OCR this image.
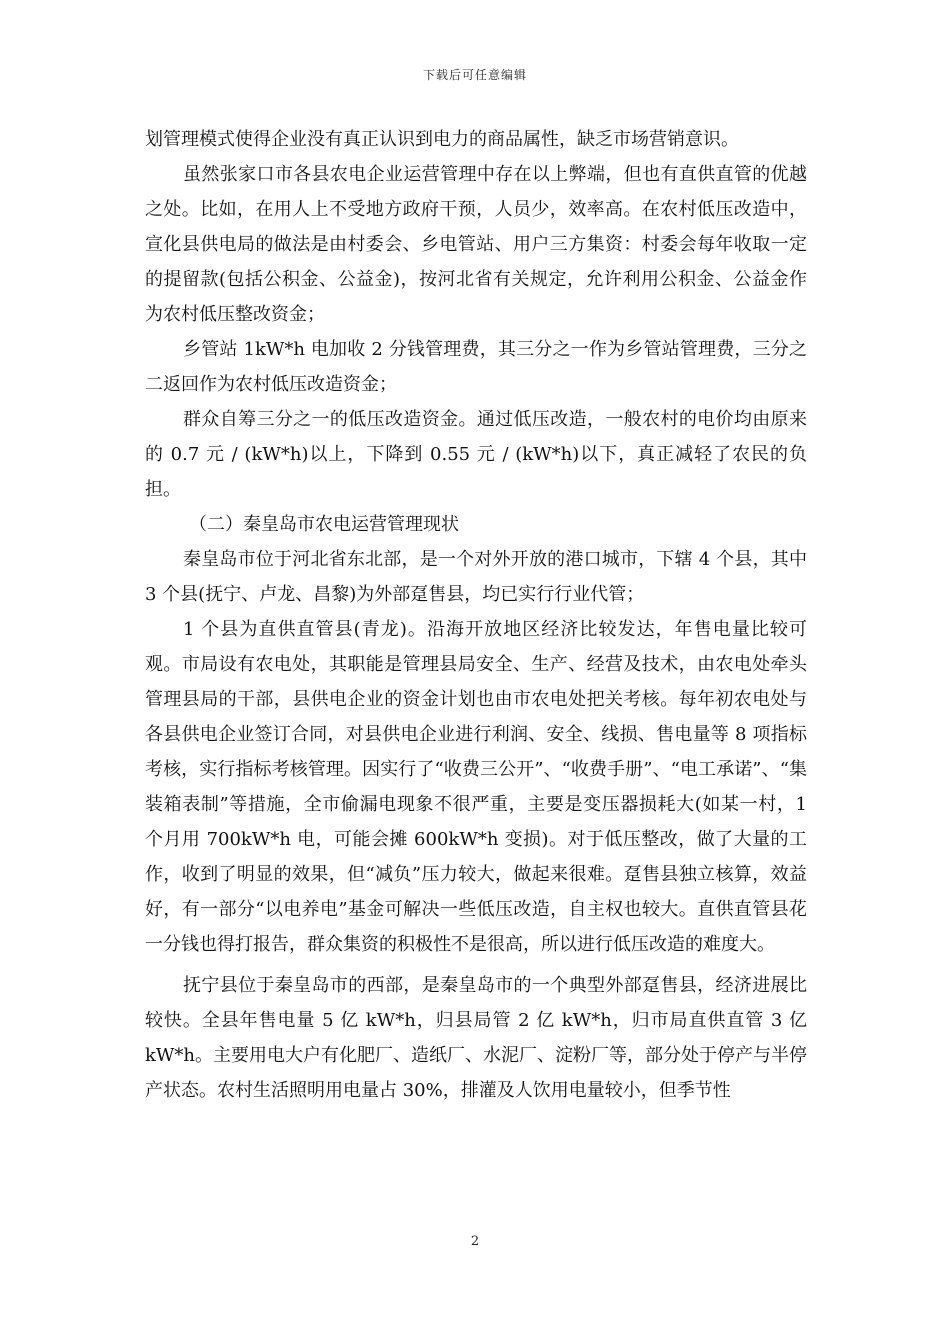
下载后可任意编辑

划管理模式使得企业没有真正认识到电力的商品属性，缺乏市场营销意识。

虽然张家口市各县农电企业运营管理中存在以上弊端，但也有直供直管的优越之处。比如，在用人上不受地方政府干预，人员少，效率高。在农村低压改造中，宣化县供电局的做法是由村委会、乡电管站、用户三方集资：村委会每年收取一定的提留款(包括公积金、公益金)，按河北省有关规定，允许利用公积金、公益金作为农村低压整改资金；

乡管站 1kW*h 电加收 2 分钱管理费，其三分之一作为乡管站管理费，三分之二返回作为农村低压改造资金；

群众自筹三分之一的低压改造资金。通过低压改造，一般农村的电价均由原来的 0.7 元 / (kW*h)以上，下降到 0.55 元 / (kW*h)以下，真正减轻了农民的负担。

（二）秦皇岛市农电运营管理现状

秦皇岛市位于河北省东北部，是一个对外开放的港口城市，下辖 4 个县，其中 3 个县(抚宁、卢龙、昌黎)为外部趸售县，均已实行行业代管；

1 个县为直供直管县(青龙)。沿海开放地区经济比较发达，年售电量比较可观。市局设有农电处，其职能是管理县局安全、生产、经营及技术，由农电处牵头管理县局的干部，县供电企业的资金计划也由市农电处把关考核。每年初农电处与各县供电企业签订合同，对县供电企业进行利润、安全、线损、售电量等 8 项指标考核，实行指标考核管理。因实行了“收费三公开”、“收费手册”、“电工承诺”、“集装箱表制”等措施，全市偷漏电现象不很严重，主要是变压器损耗大(如某一村，1 个月用 700kW*h 电，可能会摊 600kW*h 变损)。对于低压整改，做了大量的工作，收到了明显的效果，但“减负”压力较大，做起来很难。趸售县独立核算，效益好，有一部分“以电养电”基金可解决一些低压改造，自主权也较大。直供直管县花一分钱也得打报告，群众集资的积极性不是很高，所以进行低压改造的难度大。

抚宁县位于秦皇岛市的西部，是秦皇岛市的一个典型外部趸售县，经济进展比较快。全县年售电量 5 亿 kW*h，归县局管 2 亿 kW*h，归市局直供直管 3 亿 kW*h。主要用电大户有化肥厂、造纸厂、水泥厂、淀粉厂等，部分处于停产与半停产状态。农村生活照明用电量占 30%，排灌及人饮用电量较小，但季节性

2
